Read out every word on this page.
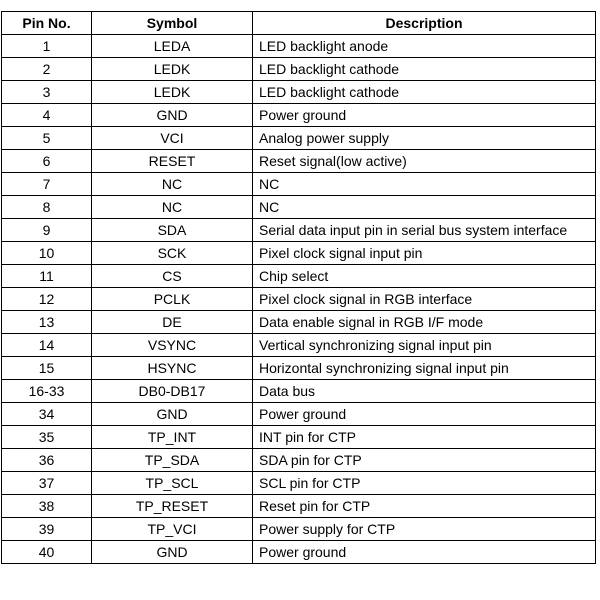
Pin No.	Symbol	Description
1	LEDA	LED backlight anode
2	LEDK	LED backlight cathode
3	LEDK	LED backlight cathode
4	GND	Power ground
5	VCI	Analog power supply
6	RESET	Reset signal(low active)
7	NC	NC
8	NC	NC
9	SDA	Serial data input pin in serial bus system interface
10	SCK	Pixel clock signal input pin
11	CS	Chip select
12	PCLK	Pixel clock signal in RGB interface
13	DE	Data enable signal in RGB I/F mode
14	VSYNC	Vertical synchronizing signal input pin
15	HSYNC	Horizontal synchronizing signal input pin
16-33	DB0-DB17	Data bus
34	GND	Power ground
35	TP_INT	INT pin for CTP
36	TP_SDA	SDA pin for CTP
37	TP_SCL	SCL pin for CTP
38	TP_RESET	Reset pin for CTP
39	TP_VCI	Power supply for CTP
40	GND	Power ground
